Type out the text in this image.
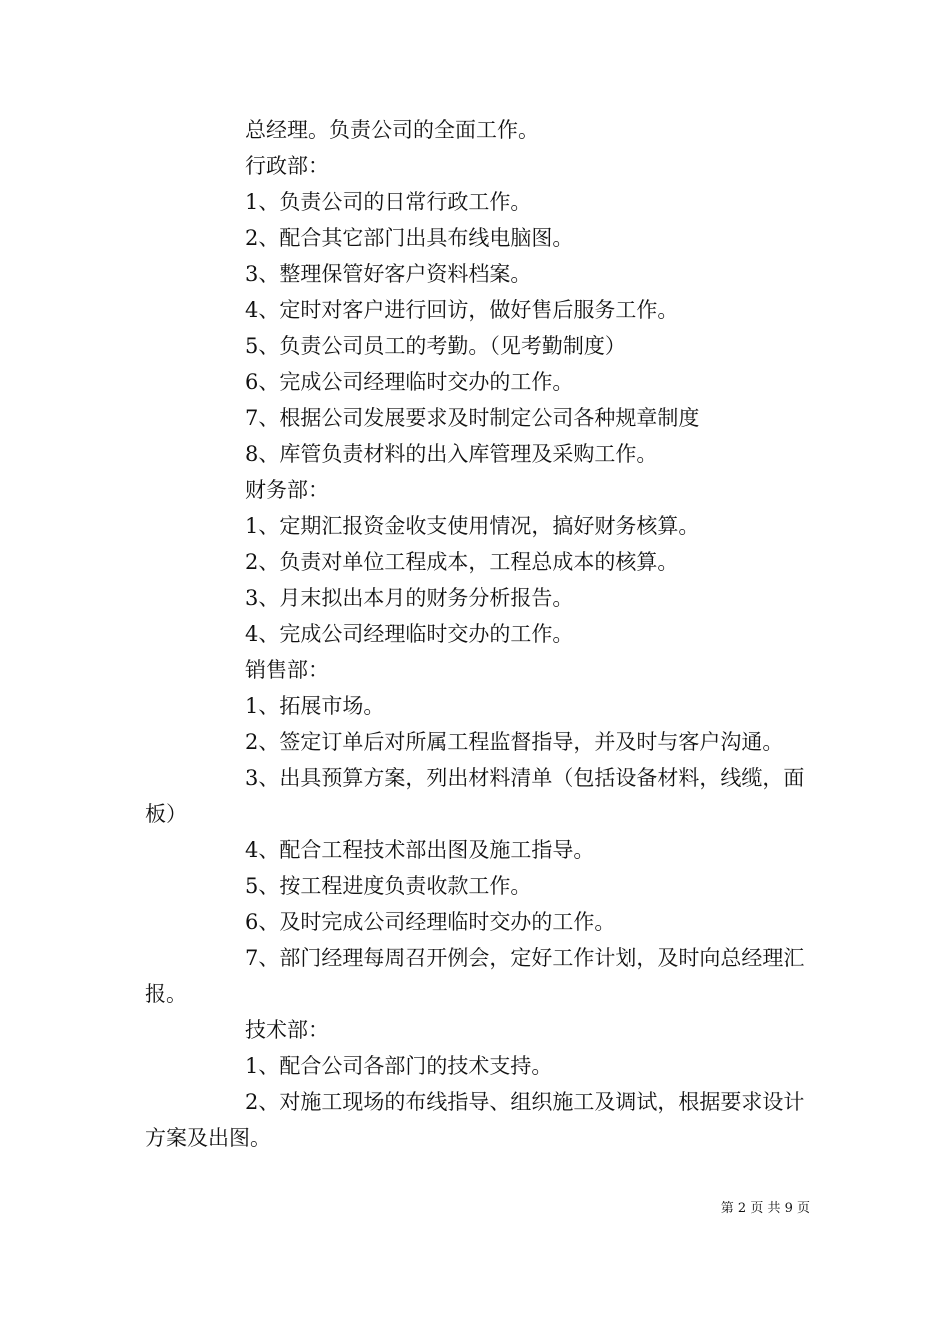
总经理。负责公司的全面工作。

行政部：

1、负责公司的日常行政工作。

2、配合其它部门出具布线电脑图。

3、整理保管好客户资料档案。

4、定时对客户进行回访，做好售后服务工作。

5、负责公司员工的考勤。（见考勤制度）

6、完成公司经理临时交办的工作。

7、根据公司发展要求及时制定公司各种规章制度

8、库管负责材料的出入库管理及采购工作。

财务部：

1、定期汇报资金收支使用情况，搞好财务核算。

2、负责对单位工程成本，工程总成本的核算。

3、月末拟出本月的财务分析报告。

4、完成公司经理临时交办的工作。

销售部：

1、拓展市场。

2、签定订单后对所属工程监督指导，并及时与客户沟通。

3、出具预算方案，列出材料清单（包括设备材料，线缆，面板）

4、配合工程技术部出图及施工指导。

5、按工程进度负责收款工作。

6、及时完成公司经理临时交办的工作。

7、部门经理每周召开例会，定好工作计划，及时向总经理汇报。

技术部：

1、配合公司各部门的技术支持。

2、对施工现场的布线指导、组织施工及调试，根据要求设计方案及出图。

第 2 页 共 9 页
